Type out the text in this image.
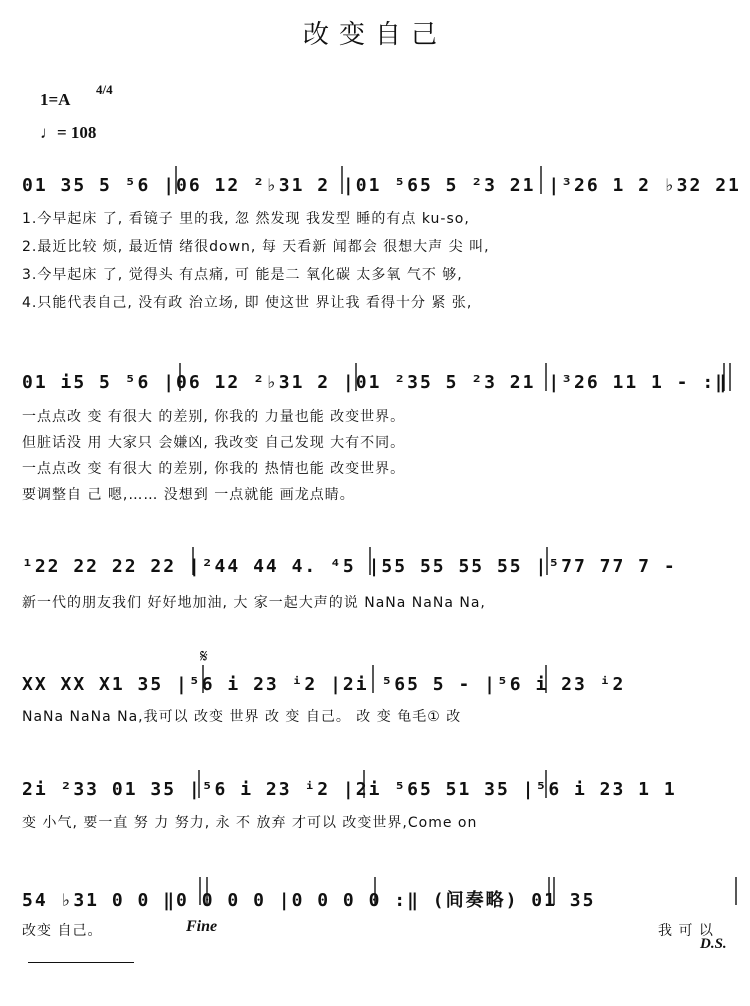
改变自己
1=A
4/4
♩= 108
01 35 5 ⁵6 |06 12 ²♭31 2 |01 ⁵65 5 ²3 21 |³26 1 2 ♭32 21
1.今早起床 了, 看镜子 里的我, 忽 然发现 我发型 睡的有点 ku-so,
2.最近比较 烦, 最近情 绪很down, 每 天看新 闻都会 很想大声 尖 叫,
3.今早起床 了, 觉得头 有点痛, 可 能是二 氧化碳 太多氧 气不 够,
4.只能代表自己, 没有政 治立场, 即 使这世 界让我 看得十分 紧 张,
01 i5 5 ⁵6 |06 12 ²♭31 2 |01 ²35 5 ²3 21 |³26 11 1 - :‖
一点点改 变 有很大 的差别, 你我的 力量也能 改变世界。
但脏话没 用 大家只 会嫌凶, 我改变 自己发现 大有不同。
一点点改 变 有很大 的差别, 你我的 热情也能 改变世界。
要调整自 己 嗯,…… 没想到 一点就能 画龙点睛。
¹22 22 22 22 |²44 44 4. ⁴5 |55 55 55 55 |⁵77 77 7 -
新一代的朋友我们 好好地加油, 大 家一起大声的说 NaNa NaNa Na,
𝄋
XX XX X1 35 |⁵6 i 23 ⁱ2 |2i ⁵65 5 - |⁵6 i 23 ⁱ2
NaNa NaNa Na,我可以 改变 世界 改 变 自己。 改 变 龟毛① 改
2i ²33 01 35 |⁵6 i 23 ⁱ2 |2i ⁵65 51 35 |⁵6 i 23 1 1
变 小气, 要一直 努 力 努力, 永 不 放弃 才可以 改变世界,Come on
54 ♭31 0 0 ‖0 0 0 0 |0 0 0 0 :‖ (间奏略) 01 35
改变 自己。	Fine	我 可 以
D.S.
